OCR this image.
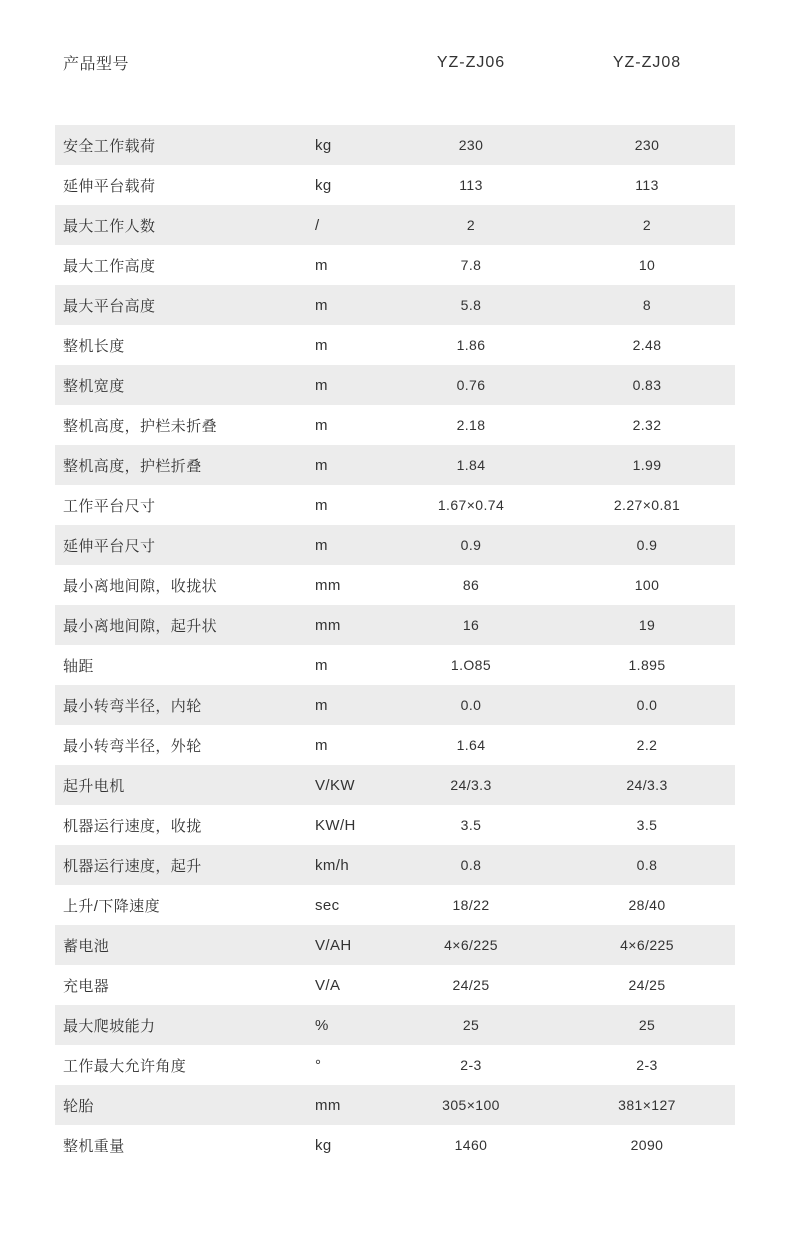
产品型号		YZ-ZJ06	YZ-ZJ08
安全工作载荷	kg	230	230
延伸平台载荷	kg	113	113
最大工作人数	/	2	2
最大工作高度	m	7.8	10
最大平台高度	m	5.8	8
整机长度	m	1.86	2.48
整机宽度	m	0.76	0.83
整机高度，护栏未折叠	m	2.18	2.32
整机高度，护栏折叠	m	1.84	1.99
工作平台尺寸	m	1.67×0.74	2.27×0.81
延伸平台尺寸	m	0.9	0.9
最小离地间隙，收拢状	mm	86	100
最小离地间隙，起升状	mm	16	19
轴距	m	1.O85	1.895
最小转弯半径，内轮	m	0.0	0.0
最小转弯半径，外轮	m	1.64	2.2
起升电机	V/KW	24/3.3	24/3.3
机器运行速度，收拢	KW/H	3.5	3.5
机器运行速度，起升	km/h	0.8	0.8
上升/下降速度	sec	18/22	28/40
蓄电池	V/AH	4×6/225	4×6/225
充电器	V/A	24/25	24/25
最大爬坡能力	%	25	25
工作最大允许角度	°	2-3	2-3
轮胎	mm	305×100	381×127
整机重量	kg	1460	2090
